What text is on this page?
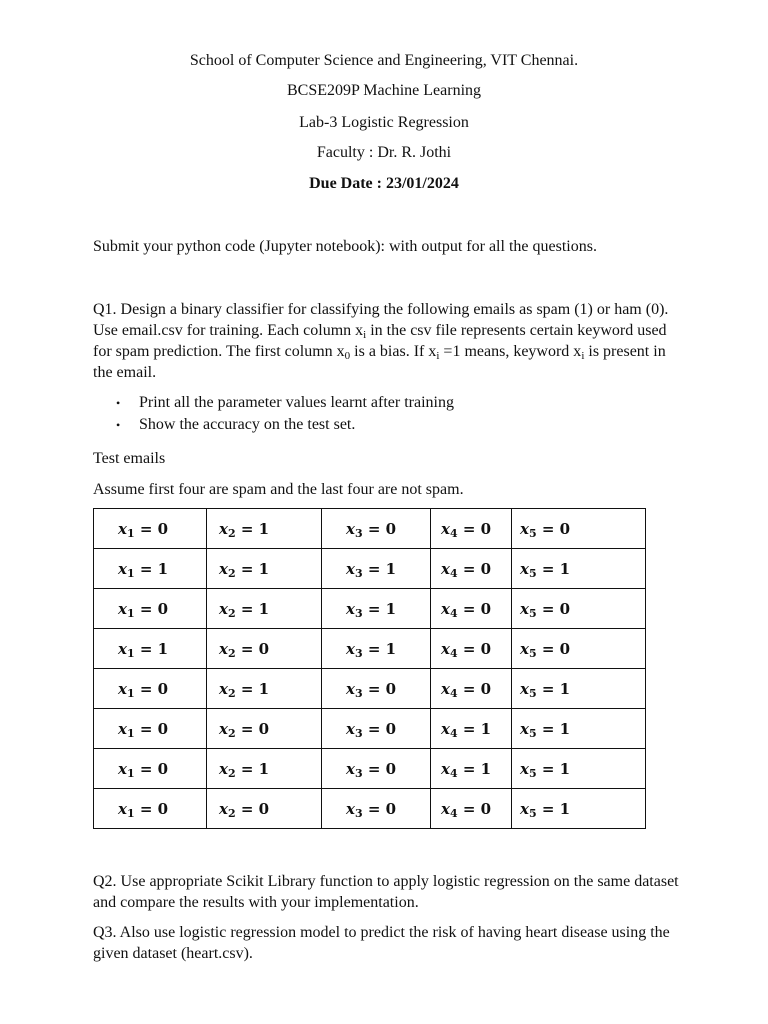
School of Computer Science and Engineering, VIT Chennai.
BCSE209P Machine Learning
Lab-3 Logistic Regression
Faculty : Dr. R. Jothi
Due Date : 23/01/2024
Submit your python code (Jupyter notebook): with output for all the questions.
Q1. Design a binary classifier for classifying the following emails as spam (1) or ham (0). Use email.csv for training. Each column $x_i$ in the csv file represents certain keyword used for spam prediction. The first column $x_0$ is a bias. If $x_i =1$ means, keyword $x_i$ is present in the email.
• Print all the parameter values learnt after training
• Show the accuracy on the test set.
Test emails
Assume first four are spam and the last four are not spam.
$x_1 = 0$	$x_2 = 1$	$x_3 = 0$	$x_4 = 0$	$x_5 = 0$
$x_1 = 1$	$x_2 = 1$	$x_3 = 1$	$x_4 = 0$	$x_5 = 1$
$x_1 = 0$	$x_2 = 1$	$x_3 = 1$	$x_4 = 0$	$x_5 = 0$
$x_1 = 1$	$x_2 = 0$	$x_3 = 1$	$x_4 = 0$	$x_5 = 0$
$x_1 = 0$	$x_2 = 1$	$x_3 = 0$	$x_4 = 0$	$x_5 = 1$
$x_1 = 0$	$x_2 = 0$	$x_3 = 0$	$x_4 = 1$	$x_5 = 1$
$x_1 = 0$	$x_2 = 1$	$x_3 = 0$	$x_4 = 1$	$x_5 = 1$
$x_1 = 0$	$x_2 = 0$	$x_3 = 0$	$x_4 = 0$	$x_5 = 1$
Q2. Use appropriate Scikit Library function to apply logistic regression on the same dataset and compare the results with your implementation.
Q3. Also use logistic regression model to predict the risk of having heart disease using the given dataset (heart.csv).
